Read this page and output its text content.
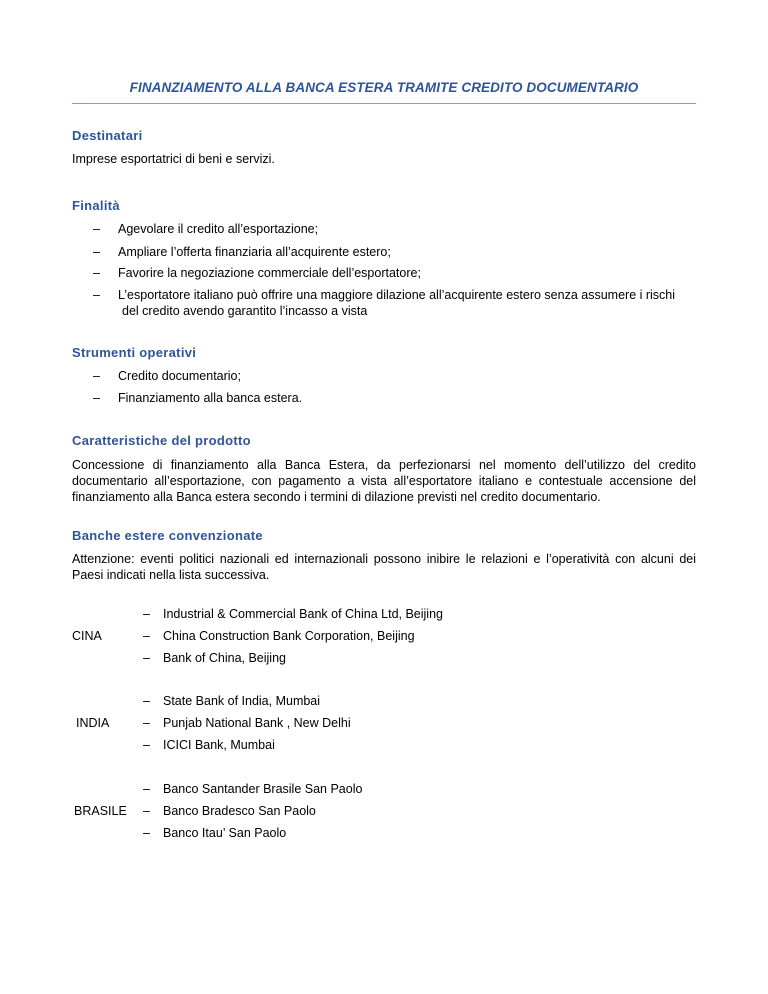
FINANZIAMENTO ALLA BANCA ESTERA TRAMITE CREDITO DOCUMENTARIO
Destinatari
Imprese esportatrici di beni e servizi.
Finalità
–	Agevolare il credito all’esportazione;
–	Ampliare l’offerta finanziaria all’acquirente estero;
–	Favorire la negoziazione commerciale dell’esportatore;
–	L’esportatore italiano può offrire una maggiore dilazione all’acquirente estero senza assumere i rischi
del credito avendo garantito l’incasso a vista
Strumenti operativi
–	Credito documentario;
–	Finanziamento alla banca estera.
Caratteristiche del prodotto
Concessione di finanziamento alla Banca Estera, da perfezionarsi nel momento dell’utilizzo del credito documentario all’esportazione, con pagamento a vista all’esportatore italiano e contestuale accensione del finanziamento alla Banca estera secondo i termini di dilazione previsti nel credito documentario.
Banche estere convenzionate
Attenzione: eventi politici nazionali ed internazionali possono inibire le relazioni e l’operatività con alcuni dei Paesi indicati nella lista successiva.
–	Industrial & Commercial Bank of China Ltd, Beijing
CINA	–	China Construction Bank Corporation, Beijing
–	Bank of China, Beijing
–	State Bank of India, Mumbai
INDIA	–	Punjab National Bank , New Delhi
–	ICICI Bank, Mumbai
–	Banco Santander Brasile San Paolo
BRASILE –	Banco Bradesco San Paolo
–	Banco Itau’ San Paolo
